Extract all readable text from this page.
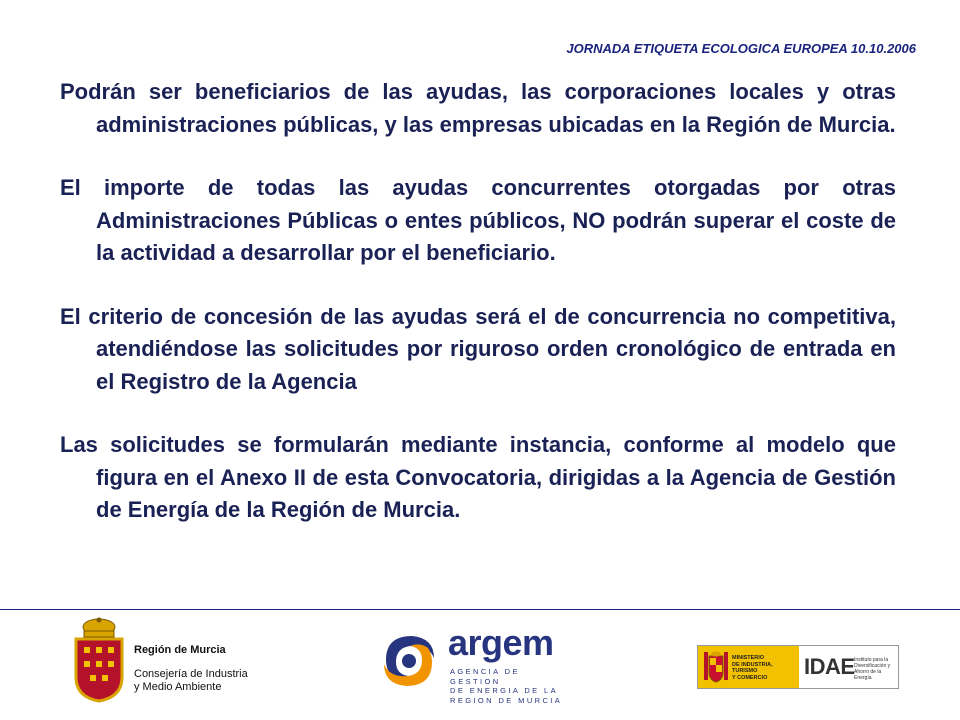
JORNADA ETIQUETA ECOLOGICA EUROPEA 10.10.2006

Podrán ser beneficiarios de las ayudas, las corporaciones locales y otras administraciones públicas, y las empresas ubicadas en la Región de Murcia.

El importe de todas las ayudas concurrentes otorgadas por otras Administraciones Públicas o entes públicos, NO podrán superar el coste de la actividad a desarrollar por el beneficiario.

El criterio de concesión de las ayudas será el de concurrencia no competitiva, atendiéndose las solicitudes por riguroso orden cronológico de entrada en el Registro de la Agencia

Las solicitudes se formularán mediante instancia, conforme al modelo que figura en el Anexo II de esta Convocatoria, dirigidas a la Agencia de Gestión de Energía de la Región de Murcia.

Región de Murcia
Consejería de Industria
y Medio Ambiente
argem
AGENCIA DE GESTION
DE ENERGIA DE LA
REGION DE MURCIA
MINISTERIO
DE INDUSTRIA, TURISMO
Y COMERCIO	IDAE Instituto para la
Diversificación y
Ahorro de la Energía
